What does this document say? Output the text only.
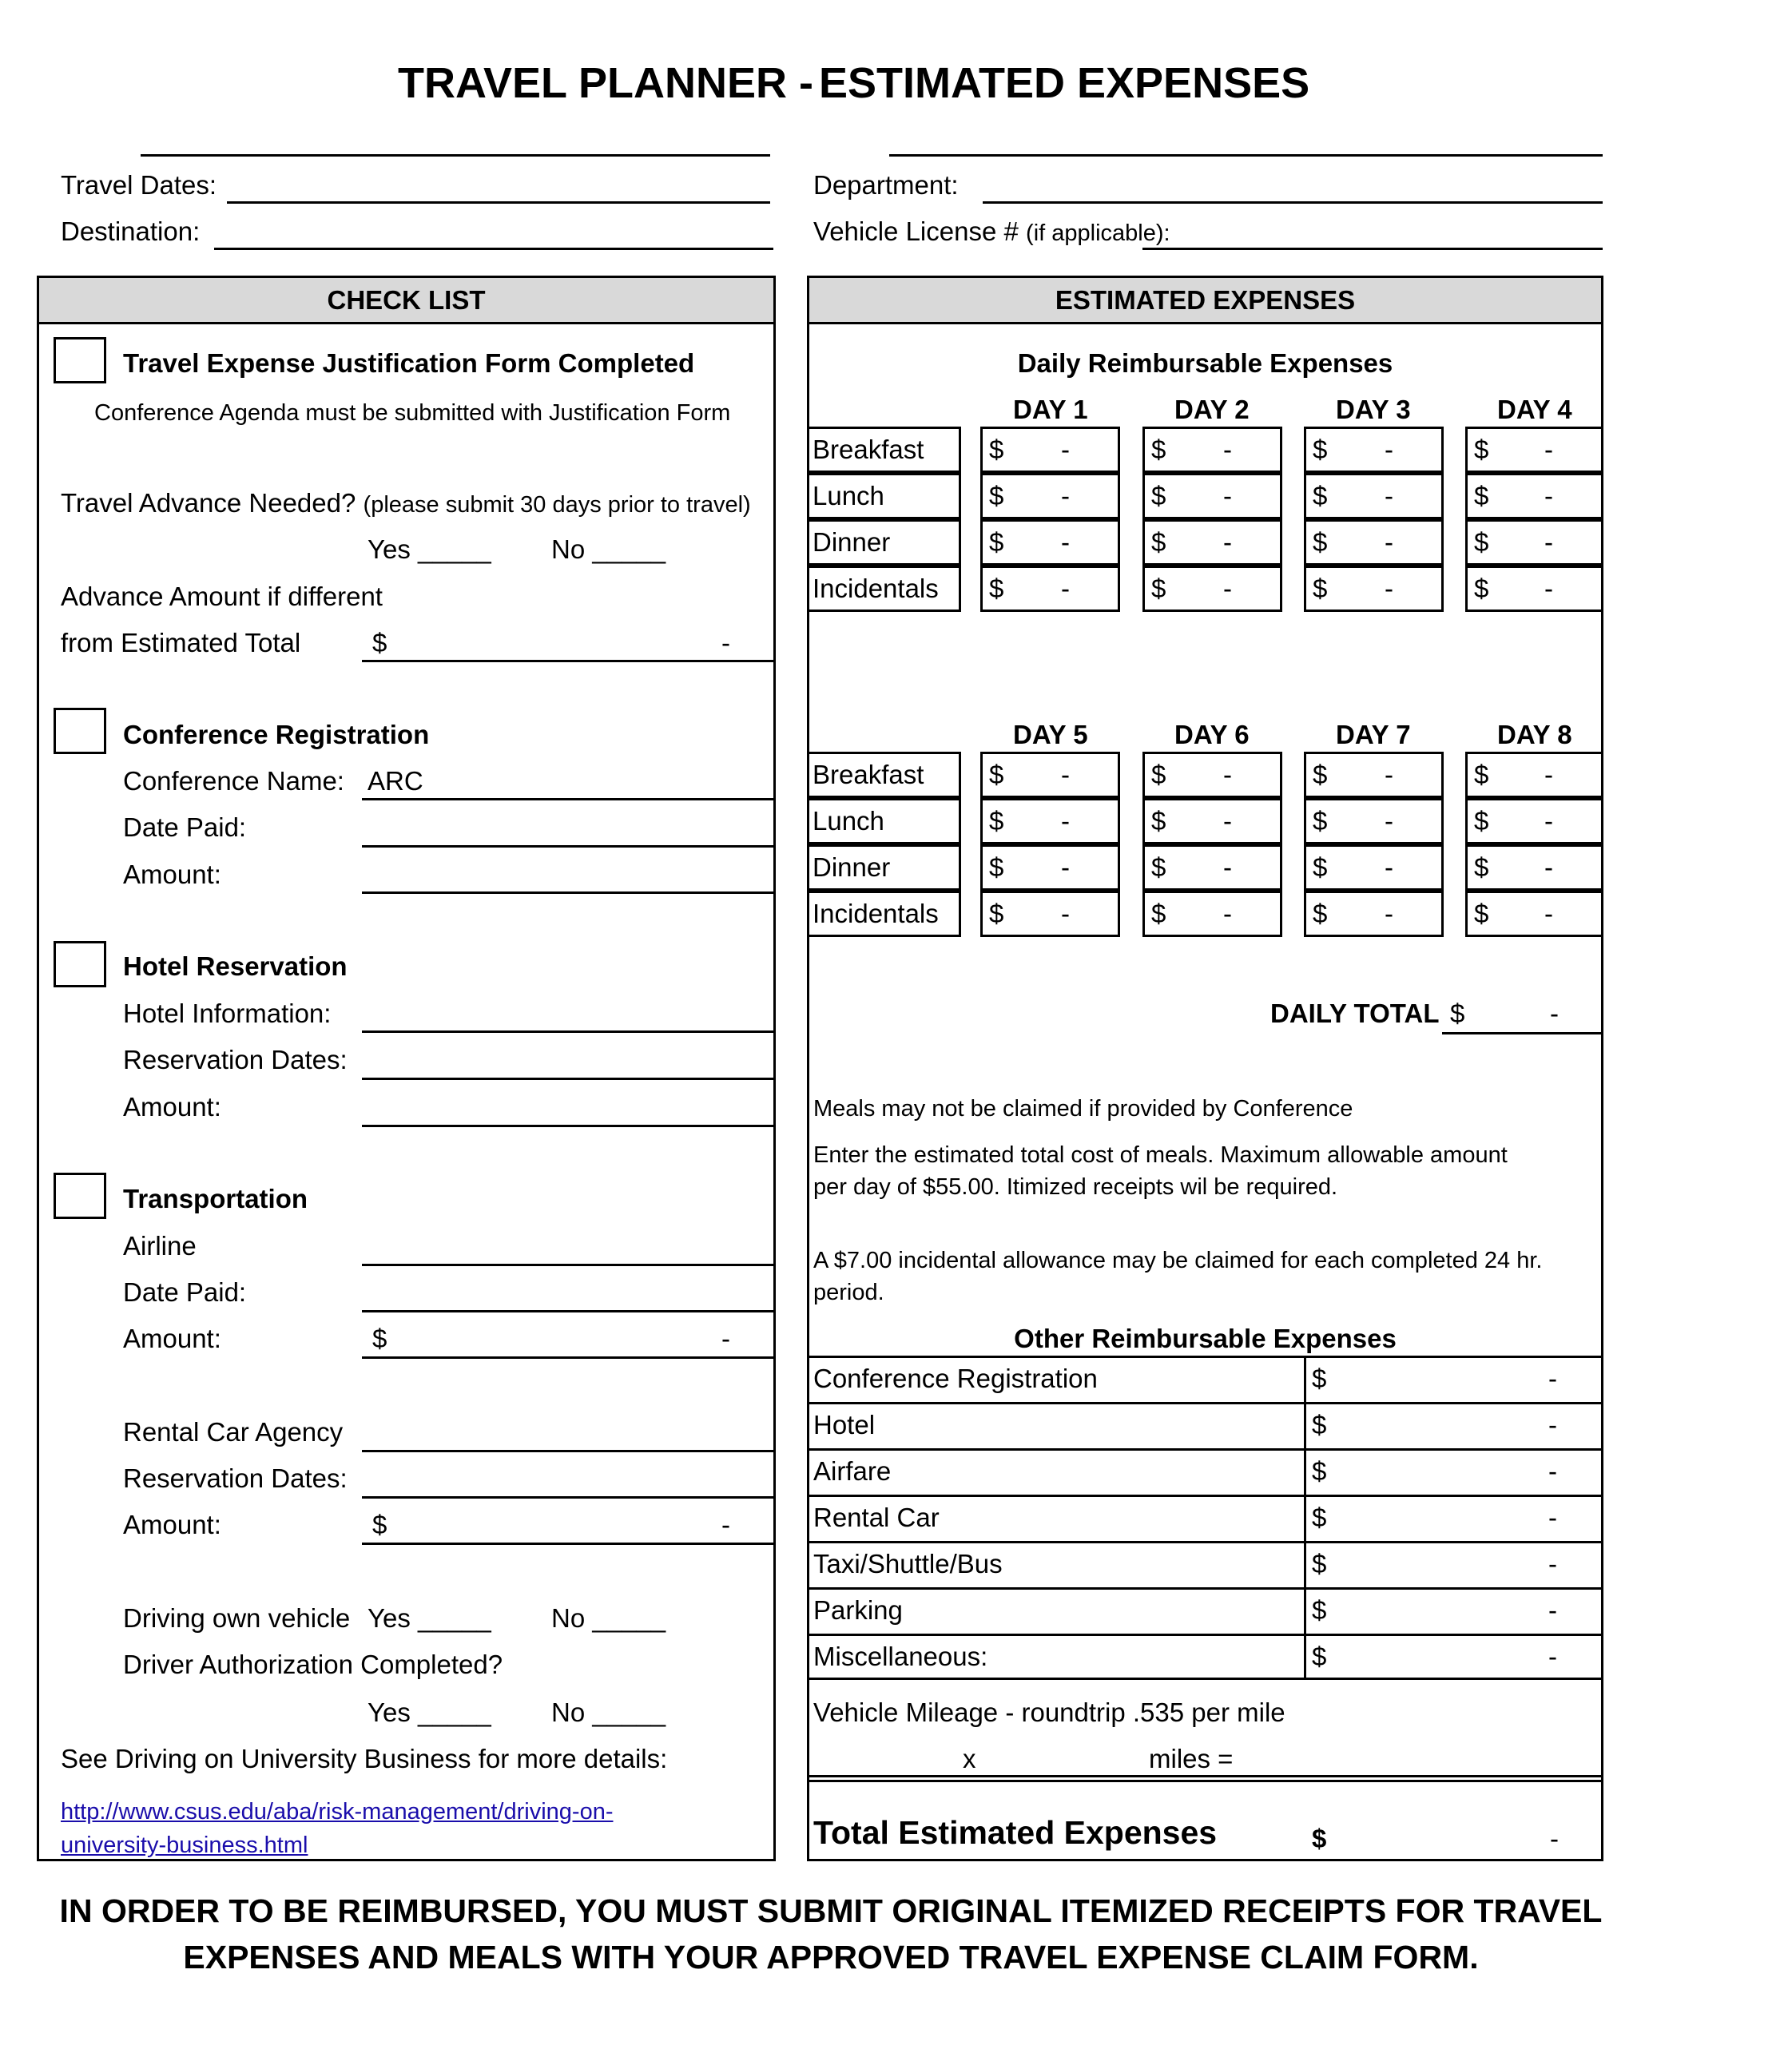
TRAVEL PLANNER - ESTIMATED EXPENSES
Travel Dates:
Destination:
Department:
Vehicle License # (if applicable):
CHECK LIST
Travel Expense Justification Form Completed
Conference Agenda must be submitted with Justification Form
Travel Advance Needed? (please submit 30 days prior to travel)
Yes _____ No _____
Advance Amount if different
from Estimated Total	$	-
Conference Registration
Conference Name: ARC
Date Paid:
Amount:
Hotel Reservation
Hotel Information:
Reservation Dates:
Amount:
Transportation
Airline
Date Paid:
Amount:	$	-
Rental Car Agency
Reservation Dates:
Amount:	$	-
Driving own vehicle Yes _____ No _____
Driver Authorization Completed?
Yes _____ No _____
See Driving on University Business for more details:
http://www.csus.edu/aba/risk-management/driving-on-
university-business.html
ESTIMATED EXPENSES
Daily Reimbursable Expenses
DAY 1	DAY 2	DAY 3	DAY 4
Breakfast	$ -	$ -	$ -	$ -
Lunch	$ -	$ -	$ -	$ -
Dinner	$ -	$ -	$ -	$ -
Incidentals	$ -	$ -	$ -	$ -
DAY 5	DAY 6	DAY 7	DAY 8
Breakfast	$ -	$ -	$ -	$ -
Lunch	$ -	$ -	$ -	$ -
Dinner	$ -	$ -	$ -	$ -
Incidentals	$ -	$ -	$ -	$ -
DAILY TOTAL $	-
Meals may not be claimed if provided by Conference
Enter the estimated total cost of meals. Maximum allowable amount
per day of $55.00. Itimized receipts wil be required.
A $7.00 incidental allowance may be claimed for each completed 24 hr.
period.
Other Reimbursable Expenses
Conference Registration	$	-
Hotel	$	-
Airfare	$	-
Rental Car	$	-
Taxi/Shuttle/Bus	$	-
Parking	$	-
Miscellaneous:	$	-
Vehicle Mileage - roundtrip .535 per mile
x	miles =
Total Estimated Expenses	$	-
IN ORDER TO BE REIMBURSED, YOU MUST SUBMIT ORIGINAL ITEMIZED RECEIPTS FOR TRAVEL
EXPENSES AND MEALS WITH YOUR APPROVED TRAVEL EXPENSE CLAIM FORM.
